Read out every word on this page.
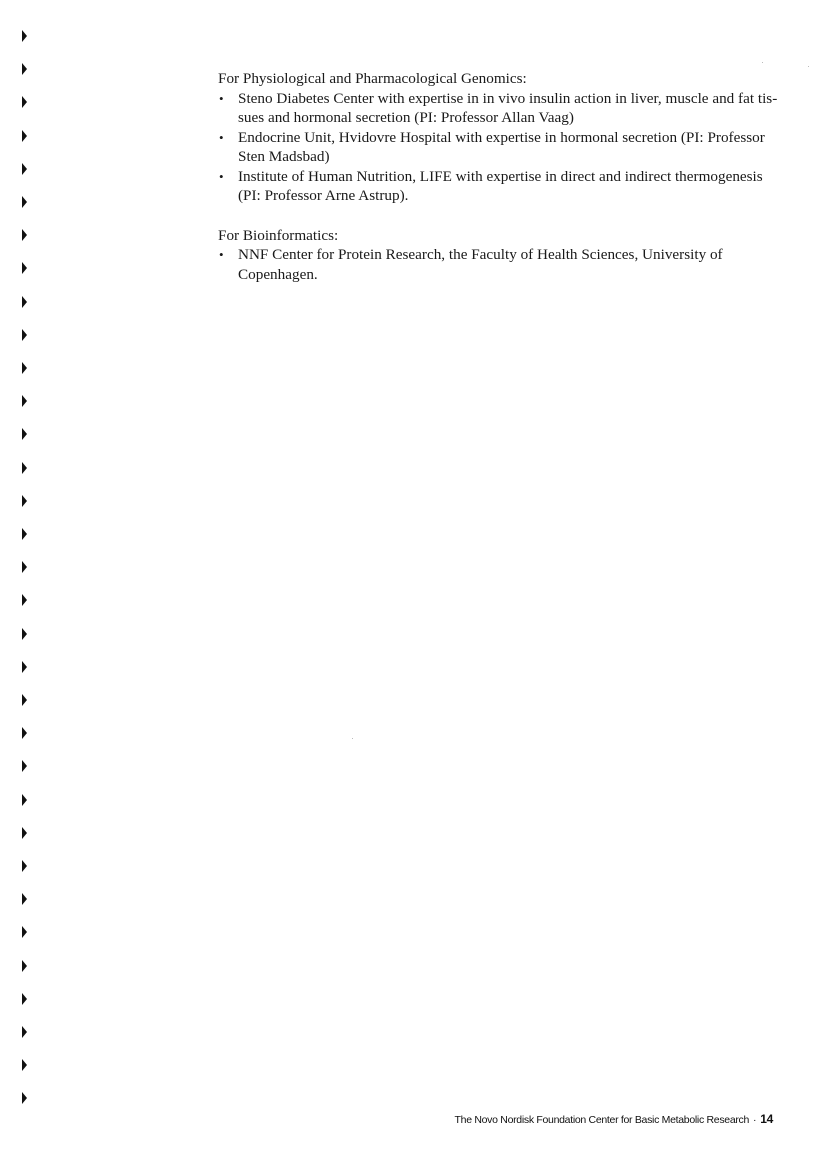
For Physiological and Pharmacological Genomics:

• Steno Diabetes Center with expertise in in vivo insulin action in liver, muscle and fat tis-sues and hormonal secretion (PI: Professor Allan Vaag)
• Endocrine Unit, Hvidovre Hospital with expertise in hormonal secretion (PI: Professor Sten Madsbad)
• Institute of Human Nutrition, LIFE with expertise in direct and indirect thermogenesis (PI: Professor Arne Astrup).

For Bioinformatics:

• NNF Center for Protein Research, the Faculty of Health Sciences, University of Copenhagen.
The Novo Nordisk Foundation Center for Basic Metabolic Research · 14
